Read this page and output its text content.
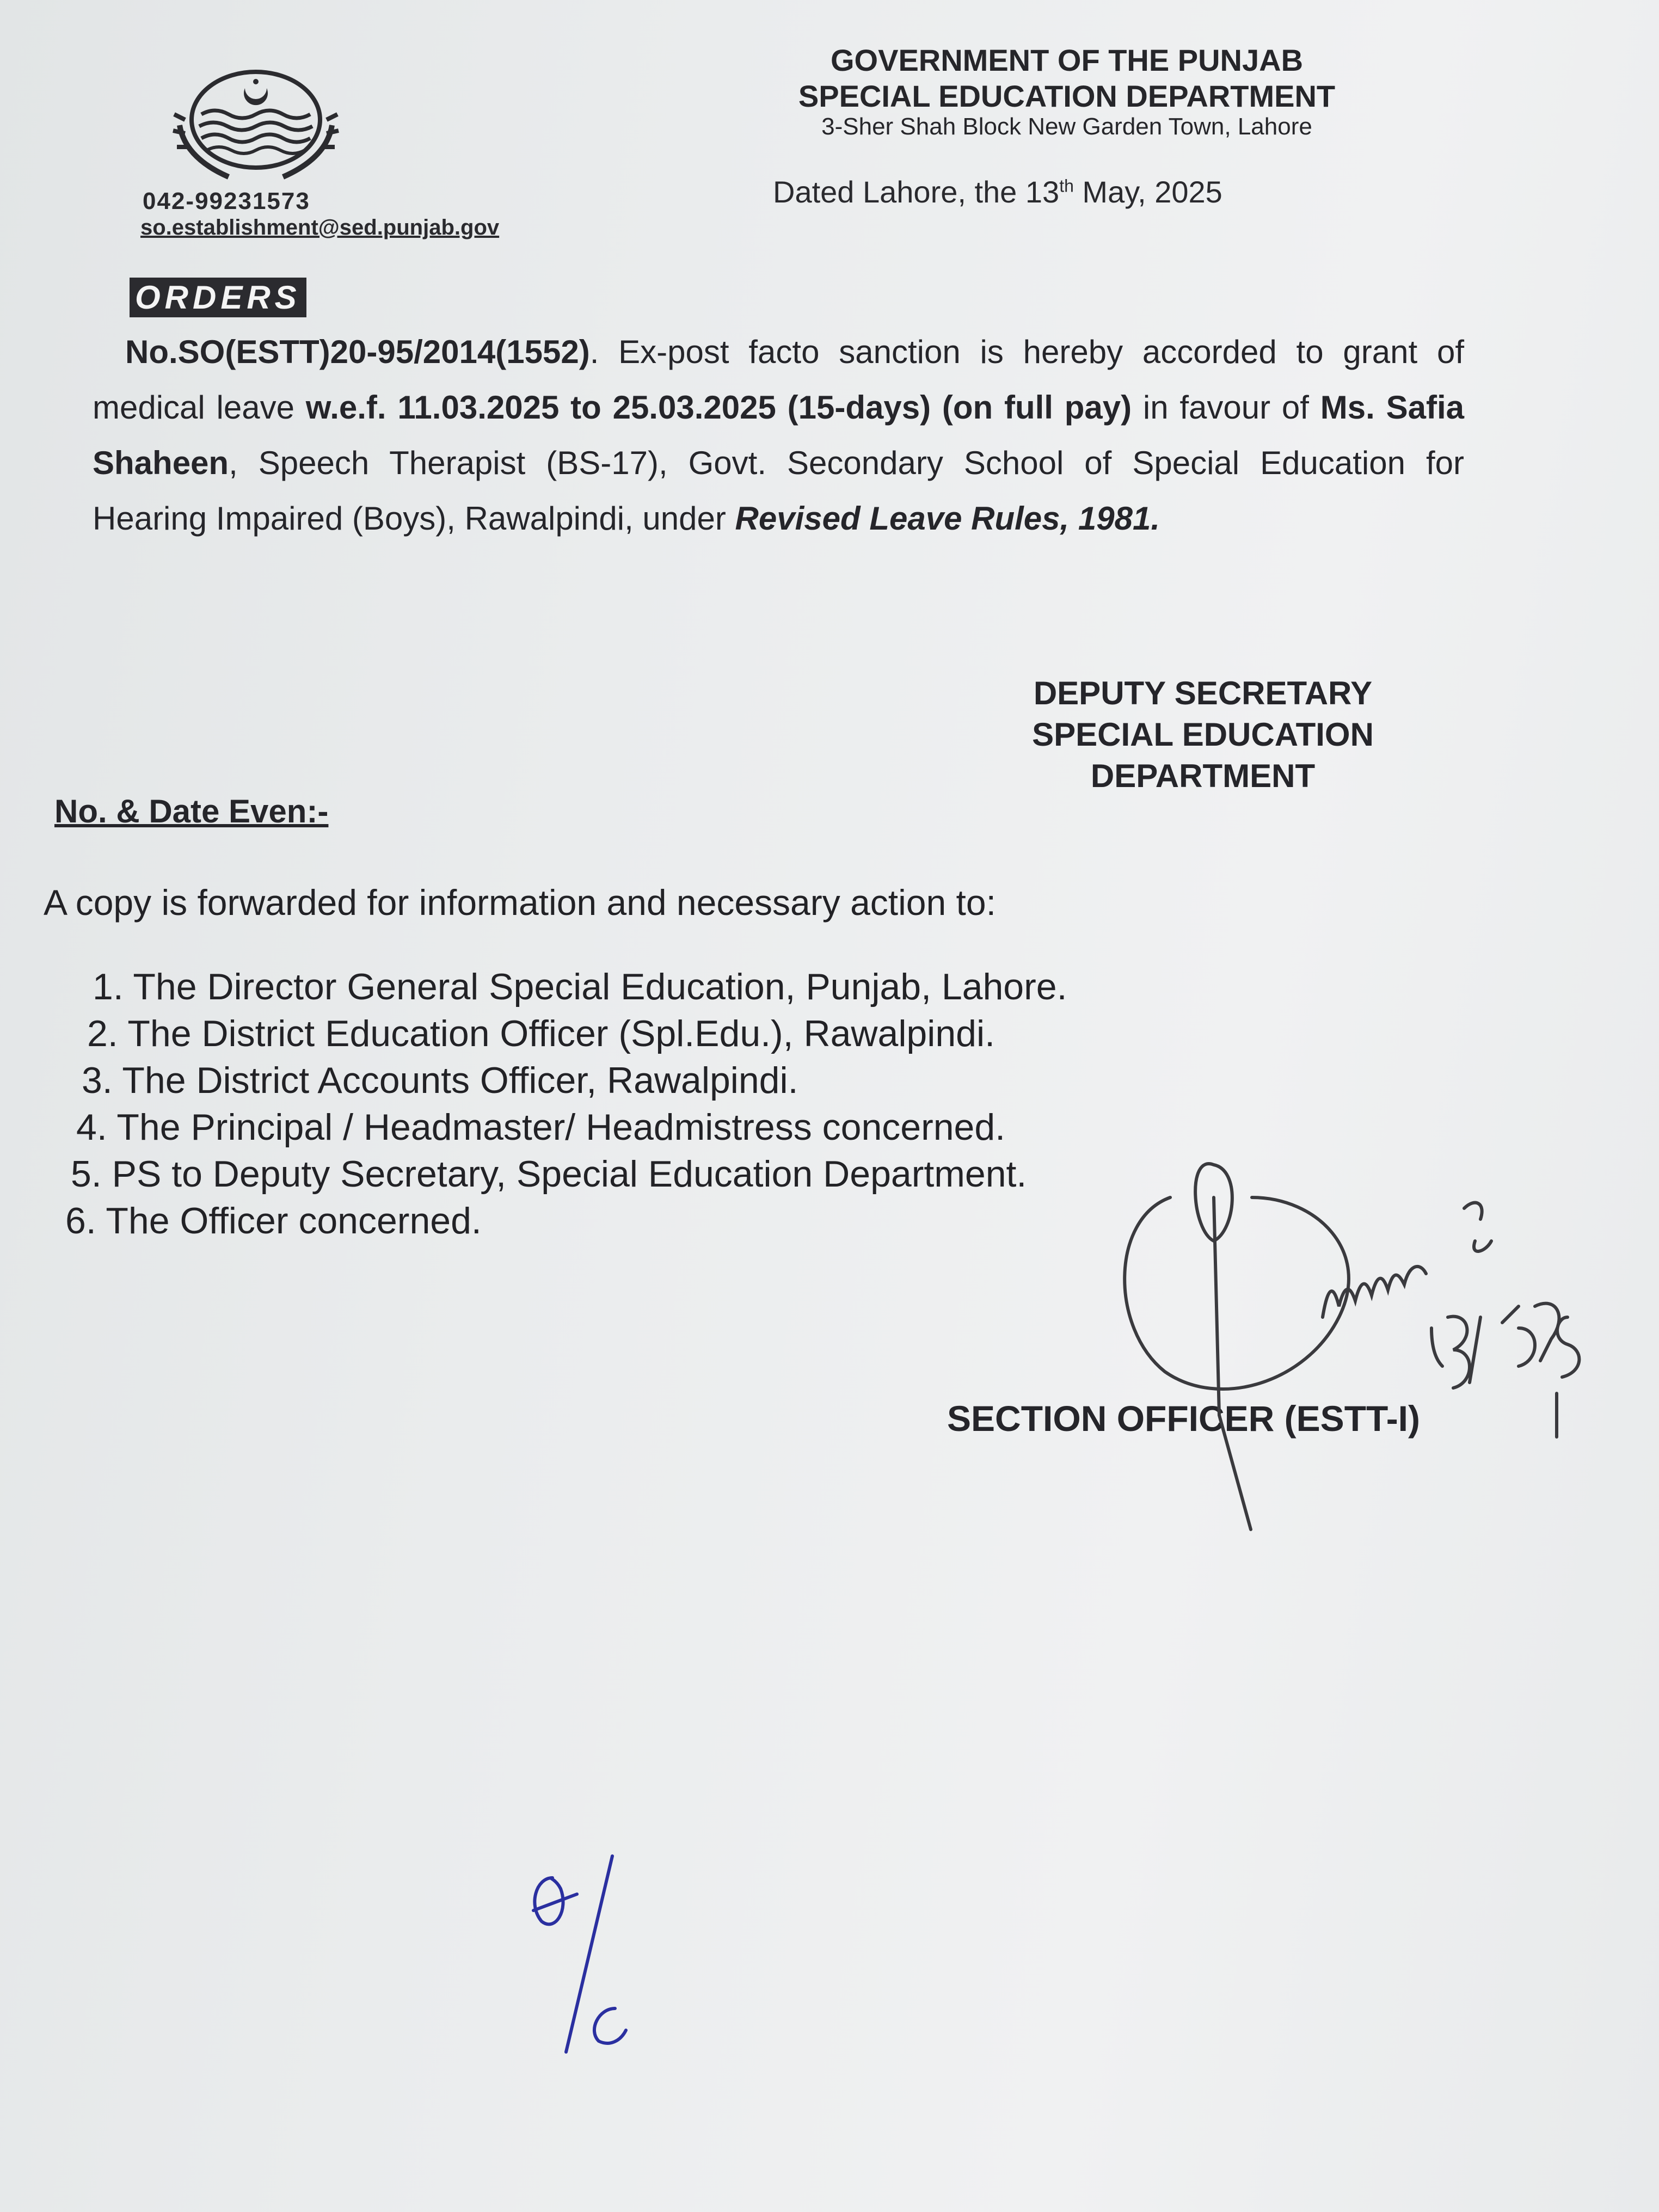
042-99231573
so.establishment@sed.punjab.gov
GOVERNMENT OF THE PUNJAB
SPECIAL EDUCATION DEPARTMENT
3-Sher Shah Block New Garden Town, Lahore
Dated Lahore, the 13th May, 2025
ORDERS
No.SO(ESTT)20-95/2014(1552). Ex-post facto sanction is hereby accorded to grant of medical leave w.e.f. 11.03.2025 to 25.03.2025 (15-days) (on full pay) in favour of Ms. Safia Shaheen, Speech Therapist (BS-17), Govt. Secondary School of Special Education for Hearing Impaired (Boys), Rawalpindi, under Revised Leave Rules, 1981.
DEPUTY SECRETARY
SPECIAL EDUCATION
DEPARTMENT
No. & Date Even:-
A copy is forwarded for information and necessary action to:
1. The Director General Special Education, Punjab, Lahore.
2. The District Education Officer (Spl.Edu.), Rawalpindi.
3. The District Accounts Officer, Rawalpindi.
4. The Principal / Headmaster/ Headmistress concerned.
5. PS to Deputy Secretary, Special Education Department.
6. The Officer concerned.
SECTION OFFICER (ESTT-I)
